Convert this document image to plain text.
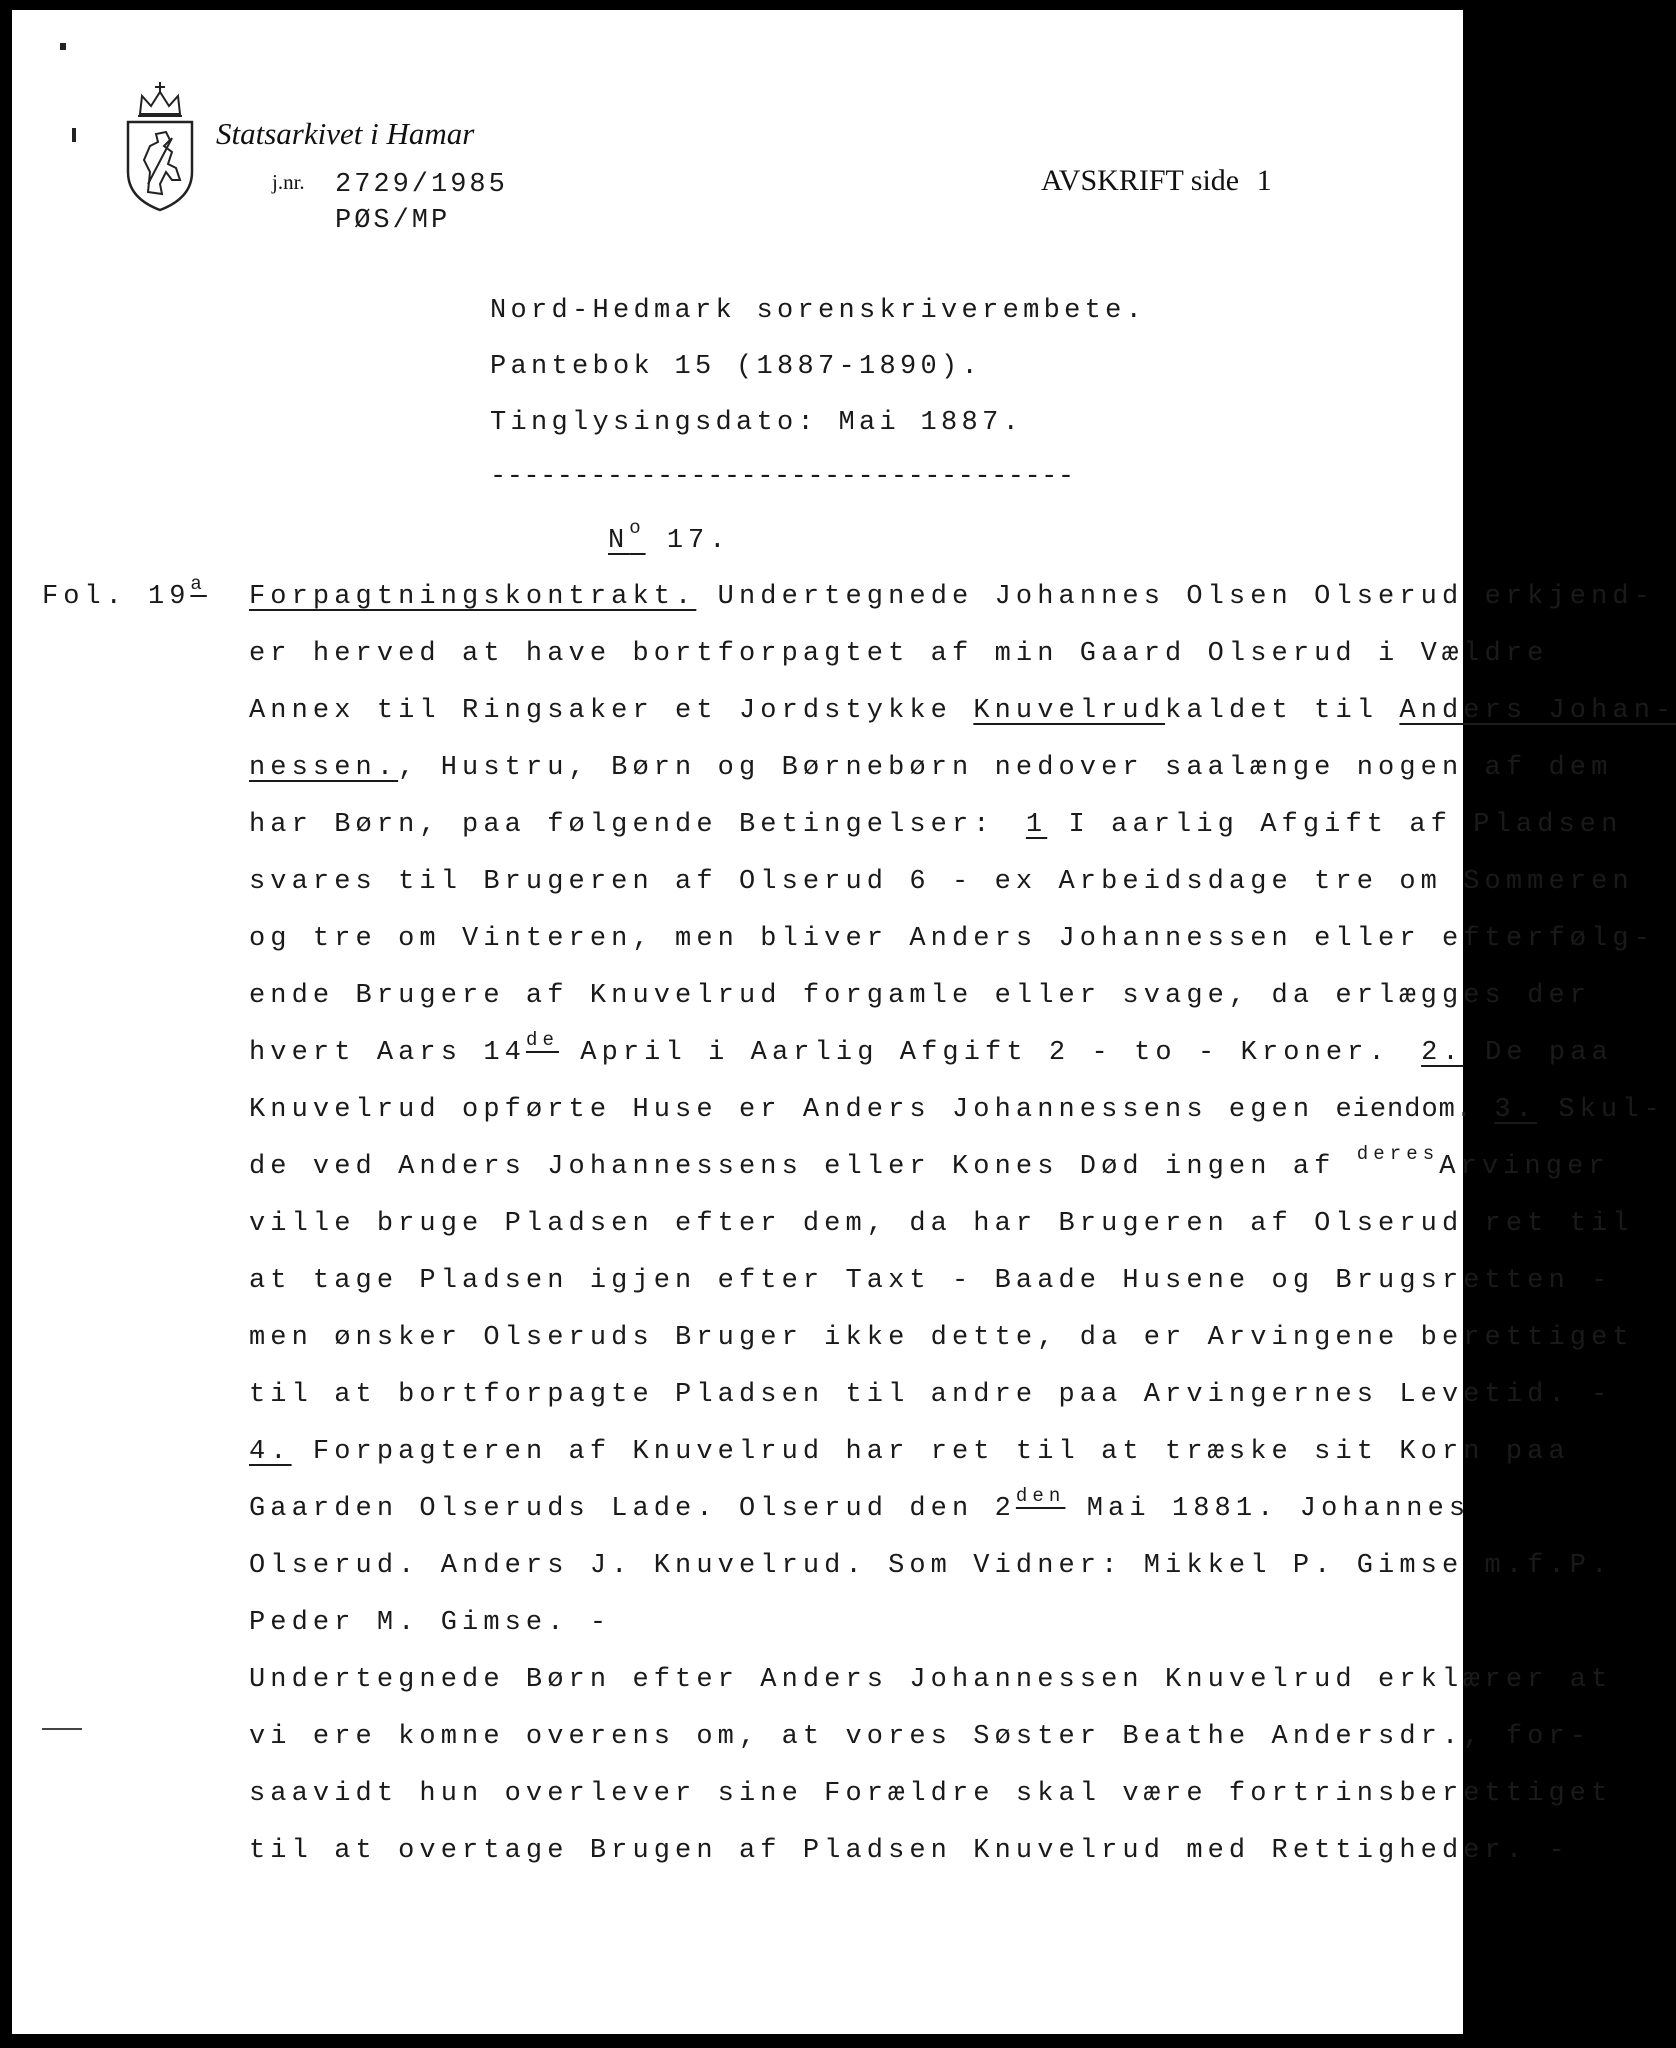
Statsarkivet i Hamar
j.nr. 2729/1985
PØS/MP
AVSKRIFT side 1
Nord-Hedmark sorenskriverembete.
Pantebok 15 (1887-1890).
Tinglysingsdato: Mai 1887.
-----------------------------------
$N^o$ 17.
Fol. 19$^a$ Forpagtningskontrakt. Undertegnede Johannes Olsen Olserud erkjend-
er herved at have bortforpagtet af min Gaard Olserud i Vældre
Annex til Ringsaker et Jordstykke Knuvelrudkaldet til Anders Johan-
nessen., Hustru, Børn og Børnebørn nedover saalænge nogen af dem
har Børn, paa følgende Betingelser: 1 I aarlig Afgift af Pladsen
svares til Brugeren af Olserud 6 - ex Arbeidsdage tre om Sommeren
og tre om Vinteren, men bliver Anders Johannessen eller efterfølg-
ende Brugere af Knuvelrud forgamle eller svage, da erlægges der
hvert Aars 14de April i Aarlig Afgift 2 - to - Kroner. 2. De paa
Knuvelrud opførte Huse er Anders Johannessens egen eiendom. 3. Skul-
de ved Anders Johannessens eller Kones Død ingen af $^{deres}$Arvinger
ville bruge Pladsen efter dem, da har Brugeren af Olserud ret til
at tage Pladsen igjen efter Taxt - Baade Husene og Brugsretten -
men ønsker Olseruds Bruger ikke dette, da er Arvingene berettiget
til at bortforpagte Pladsen til andre paa Arvingernes Levetid. -
4. Forpagteren af Knuvelrud har ret til at træske sit Korn paa
Gaarden Olseruds Lade. Olserud den $2^{den}$ Mai 1881. Johannes
Olserud. Anders J. Knuvelrud. Som Vidner: Mikkel P. Gimse m.f.P.
Peder M. Gimse. -
Undertegnede Børn efter Anders Johannessen Knuvelrud erklærer at
vi ere komne overens om, at vores Søster Beathe Andersdr., for-
saavidt hun overlever sine Forældre skal være fortrinsberettiget
til at overtage Brugen af Pladsen Knuvelrud med Rettigheder. -
